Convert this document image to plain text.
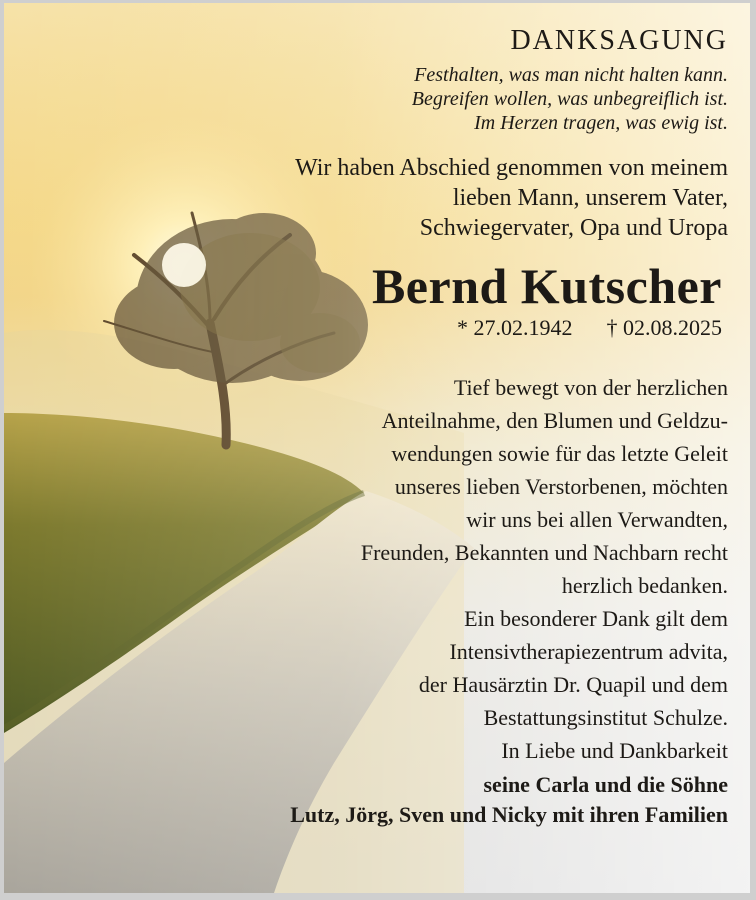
DANKSAGUNG
Festhalten, was man nicht halten kann.
Begreifen wollen, was unbegreiflich ist.
Im Herzen tragen, was ewig ist.
Wir haben Abschied genommen von meinem
lieben Mann, unserem Vater,
Schwiegervater, Opa und Uropa
Bernd Kutscher
* 27.02.1942 † 02.08.2025
Tief bewegt von der herzlichen
Anteilnahme, den Blumen und Geldzu-
wendungen sowie für das letzte Geleit
unseres lieben Verstorbenen, möchten
wir uns bei allen Verwandten,
Freunden, Bekannten und Nachbarn recht
herzlich bedanken.
Ein besonderer Dank gilt dem
Intensivtherapiezentrum advita,
der Hausärztin Dr. Quapil und dem
Bestattungsinstitut Schulze.
In Liebe und Dankbarkeit
seine Carla und die Söhne
Lutz, Jörg, Sven und Nicky mit ihren Familien
